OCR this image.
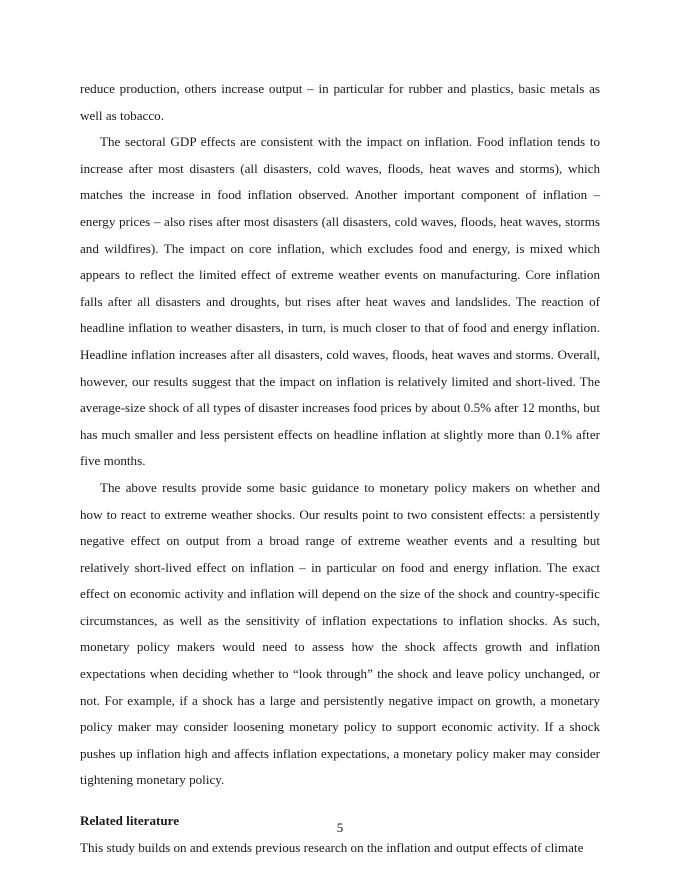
reduce production, others increase output – in particular for rubber and plastics, basic metals as well as tobacco.

The sectoral GDP effects are consistent with the impact on inflation. Food inflation tends to increase after most disasters (all disasters, cold waves, floods, heat waves and storms), which matches the increase in food inflation observed. Another important component of inflation – energy prices – also rises after most disasters (all disasters, cold waves, floods, heat waves, storms and wildfires). The impact on core inflation, which excludes food and energy, is mixed which appears to reflect the limited effect of extreme weather events on manufacturing. Core inflation falls after all disasters and droughts, but rises after heat waves and landslides. The reaction of headline inflation to weather disasters, in turn, is much closer to that of food and energy inflation. Headline inflation increases after all disasters, cold waves, floods, heat waves and storms. Overall, however, our results suggest that the impact on inflation is relatively limited and short-lived. The average-size shock of all types of disaster increases food prices by about 0.5% after 12 months, but has much smaller and less persistent effects on headline inflation at slightly more than 0.1% after five months.

The above results provide some basic guidance to monetary policy makers on whether and how to react to extreme weather shocks. Our results point to two consistent effects: a persistently negative effect on output from a broad range of extreme weather events and a resulting but relatively short-lived effect on inflation – in particular on food and energy inflation. The exact effect on economic activity and inflation will depend on the size of the shock and country-specific circumstances, as well as the sensitivity of inflation expectations to inflation shocks. As such, monetary policy makers would need to assess how the shock affects growth and inflation expectations when deciding whether to “look through” the shock and leave policy unchanged, or not. For example, if a shock has a large and persistently negative impact on growth, a monetary policy maker may consider loosening monetary policy to support economic activity. If a shock pushes up inflation high and affects inflation expectations, a monetary policy maker may consider tightening monetary policy.

Related literature

This study builds on and extends previous research on the inflation and output effects of climate

5
